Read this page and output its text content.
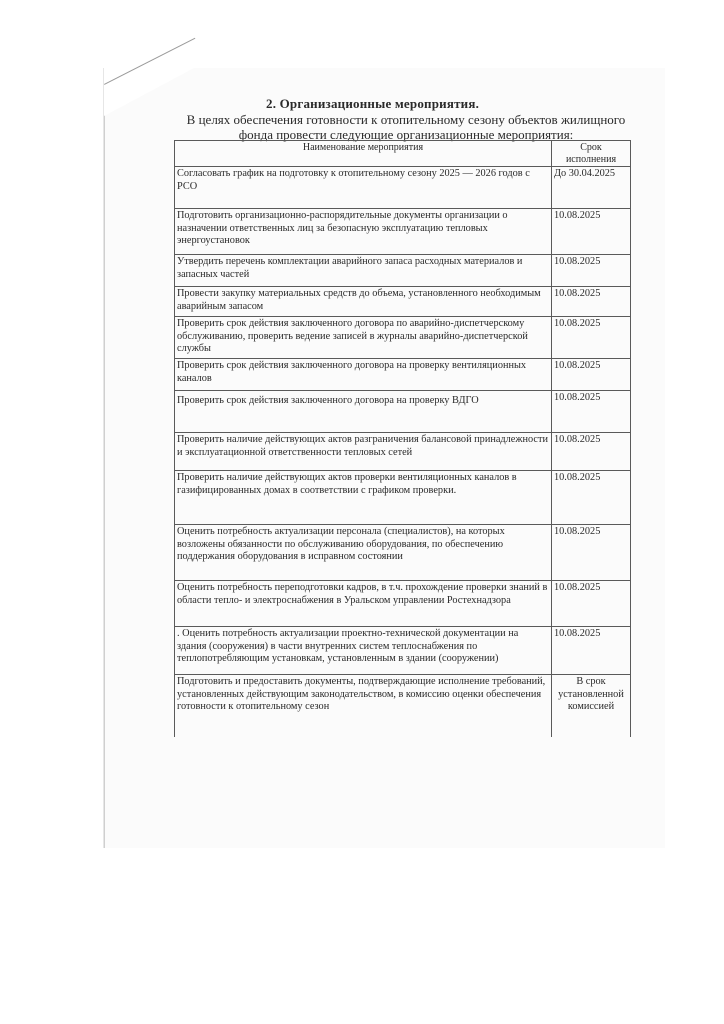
2. Организационные мероприятия.
В целях обеспечения готовности к отопительному сезону объектов жилищного фонда провести следующие организационные мероприятия:
Наименование мероприятия	Срок исполнения
Согласовать график на подготовку к отопительному сезону 2025 — 2026 годов с РСО	До 30.04.2025
Подготовить организационно-распорядительные документы организации о назначении ответственных лиц за безопасную эксплуатацию тепловых энергоустановок	10.08.2025
Утвердить перечень комплектации аварийного запаса расходных материалов и запасных частей	10.08.2025
Провести закупку материальных средств до объема, установленного необходимым аварийным запасом	10.08.2025
Проверить срок действия заключенного договора по аварийно-диспетчерскому обслуживанию, проверить ведение записей в журналы аварийно-диспетчерской службы	10.08.2025
Проверить срок действия заключенного договора на проверку вентиляционных каналов	10.08.2025
Проверить срок действия заключенного договора на проверку ВДГО	10.08.2025
Проверить наличие действующих актов разграничения балансовой принадлежности и эксплуатационной ответственности тепловых сетей	10.08.2025
Проверить наличие действующих актов проверки вентиляционных каналов в газифицированных домах в соответствии с графиком проверки.	10.08.2025
Оценить потребность актуализации персонала (специалистов), на которых возложены обязанности по обслуживанию оборудования, по обеспечению поддержания оборудования в исправном состоянии	10.08.2025
Оценить потребность переподготовки кадров, в т.ч. прохождение проверки знаний в области тепло- и электроснабжения в Уральском управлении Ростехнадзора	10.08.2025
. Оценить потребность актуализации проектно-технической документации на здания (сооружения) в части внутренних систем теплоснабжения по теплопотребляющим установкам, установленным в здании (сооружении)	10.08.2025
Подготовить и предоставить документы, подтверждающие исполнение требований, установленных действующим законодательством, в комиссию оценки обеспечения готовности к отопительному сезон	В срок установленной комиссией
